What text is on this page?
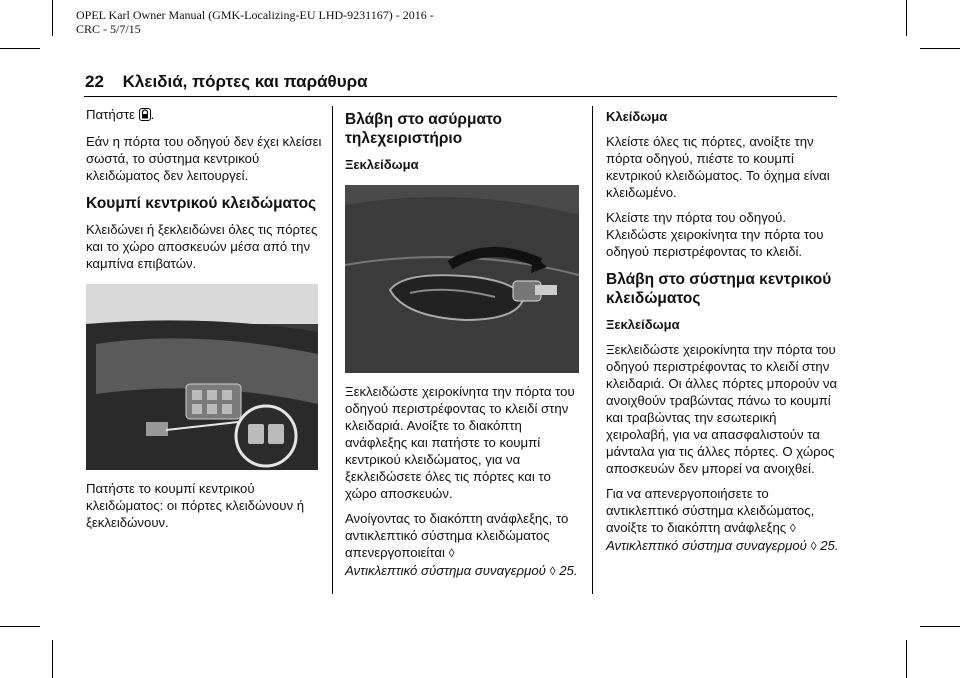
OPEL Karl Owner Manual (GMK-Localizing-EU LHD-9231167) - 2016 -
CRC - 5/7/15
22 Κλειδιά, πόρτες και παράθυρα

Πατήστε .

Εάν η πόρτα του οδηγού δεν έχει κλείσει σωστά, το σύστημα κεντρικού κλειδώματος δεν λειτουργεί.

Κουμπί κεντρικού κλειδώματος

Κλειδώνει ή ξεκλειδώνει όλες τις πόρτες και το χώρο αποσκευών μέσα από την καμπίνα επιβατών.

Πατήστε το κουμπί κεντρικού κλειδώματος: οι πόρτες κλειδώνουν ή ξεκλειδώνουν.

Βλάβη στο ασύρματο τηλεχειριστήριο
Ξεκλείδωμα

Ξεκλειδώστε χειροκίνητα την πόρτα του οδηγού περιστρέφοντας το κλειδί στην κλειδαριά. Ανοίξτε το διακόπτη ανάφλεξης και πατήστε το κουμπί κεντρικού κλειδώματος, για να ξεκλειδώσετε όλες τις πόρτες και το χώρο αποσκευών.

Ανοίγοντας το διακόπτη ανάφλεξης, το αντικλεπτικό σύστημα κλειδώματος απενεργοποιείται ◊
Αντικλεπτικό σύστημα συναγερμού ◊ 25.

Κλείδωμα

Κλείστε όλες τις πόρτες, ανοίξτε την πόρτα οδηγού, πιέστε το κουμπί κεντρικού κλειδώματος. Το όχημα είναι κλειδωμένο.

Κλείστε την πόρτα του οδηγού. Κλειδώστε χειροκίνητα την πόρτα του οδηγού περιστρέφοντας το κλειδί.

Βλάβη στο σύστημα κεντρικού κλειδώματος
Ξεκλείδωμα

Ξεκλειδώστε χειροκίνητα την πόρτα του οδηγού περιστρέφοντας το κλειδί στην κλειδαριά. Οι άλλες πόρτες μπορούν να ανοιχθούν τραβώντας πάνω το κουμπί και τραβώντας την εσωτερική χειρολαβή, για να απασφαλιστούν τα μάνταλα για τις άλλες πόρτες. Ο χώρος αποσκευών δεν μπορεί να ανοιχθεί.

Για να απενεργοποιήσετε το αντικλεπτικό σύστημα κλειδώματος, ανοίξτε το διακόπτη ανάφλεξης ◊
Αντικλεπτικό σύστημα συναγερμού ◊ 25.
